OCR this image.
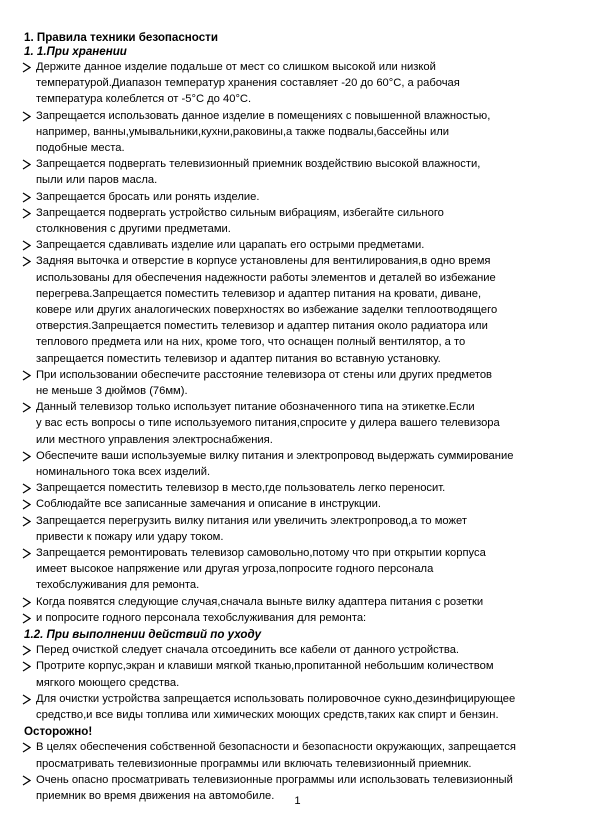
1. Правила техники безопасности
1. 1.При хранении
Держите данное изделие подальше от мест со слишком высокой или низкой
температурой.Диапазон температур хранения составляет -20 до 60°C, а рабочая
температура колеблется от -5°C до 40°C.
Запрещается использовать данное изделие в помещениях с повышенной влажностью,
например, ванны,умывальники,кухни,раковины,а также подвалы,бассейны или
подобные места.
Запрещается подвергать телевизионный приемник воздействию высокой влажности,
пыли или паров масла.
Запрещается бросать или ронять изделие.
Запрещается подвергать устройство сильным вибрациям, избегайте сильного
столкновения с другими предметами.
Запрещается сдавливать изделие или царапать его острыми предметами.
Задняя выточка и отверстие в корпусе установлены для вентилирования,в одно время
использованы для обеспечения надежности работы элементов и деталей во избежание
перегрева.Запрещается поместить телевизор и адаптер питания на кровати, диване,
ковере или других аналогических поверхностях во избежание заделки теплоотводящего
отверстия.Запрещается поместить телевизор и адаптер питания около радиатора или
теплового предмета или на них, кроме того, что оснащен полный вентилятор, а то
запрещается поместить телевизор и адаптер питания во вставную установку.
При использовании обеспечите расстояние телевизора от стены или других предметов
не меньше 3 дюймов (76мм).
Данный телевизор только использует питание обозначенного типа на этикетке.Если
у вас есть вопросы о типе используемого питания,спросите у дилера вашего телевизора
или местного управления электроснабжения.
Обеспечите ваши используемые вилку питания и электропровод выдержать суммирование
номинального тока всех изделий.
Запрещается поместить телевизор в место,где пользователь легко переносит.
Соблюдайте все записанные замечания и описание в инструкции.
Запрещается перегрузить вилку питания или увеличить электропровод,а то может
привести к пожару или удару током.
Запрещается ремонтировать телевизор самовольно,потому что при открытии корпуса
имеет высокое напряжение или другая угроза,попросите годного персонала
техобслуживания для ремонта.
Когда появятся следующие случая,сначала выньте вилку адаптера питания с розетки
и попросите годного персонала техобслуживания для ремонта:
1.2. При выполнении действий по уходу
Перед очисткой следует сначала отсоединить все кабели от данного устройства.
Протрите корпус,экран и клавиши мягкой тканью,пропитанной небольшим количеством
мягкого моющего средства.
Для очистки устройства запрещается использовать полировочное сукно,дезинфицирующее
средство,и все виды топлива или химических моющих средств,таких как спирт и бензин.
Осторожно!
В целях обеспечения собственной безопасности и безопасности окружающих, запрещается
просматривать телевизионные программы или включать телевизионный приемник.
Очень опасно просматривать телевизионные программы или использовать телевизионный
приемник во время движения на автомобиле.	1
